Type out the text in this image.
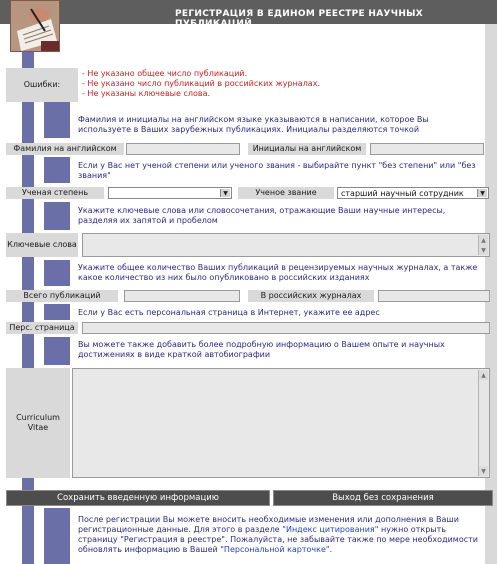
РЕГИСТРАЦИЯ В ЕДИНОМ РЕЕСТРЕ НАУЧНЫХ ПУБЛИКАЦИЙ
Ошибки:
- Не указано общее число публикаций.
- Не указано число публикаций в российских журналах.
- Не указаны ключевые слова.
Фамилия и инициалы на английском языке указываются в написании, которое Вы используете в Ваших зарубежных публикациях. Инициалы разделяются точкой
Фамилия на английском	Инициалы на английском
Если у Вас нет ученой степени или ученого звания - выбирайте пункт "без степени" или "без звания"
Ученая степень	▼	Ученое звание	старший научный сотрудник	▼
Укажите ключевые слова или словосочетания, отражающие Ваши научные интересы, разделяя их запятой и пробелом
Ключевые слова	▲
▼
Укажите общее количество Ваших публикаций в рецензируемых научных журналах, а также какое количество из них было опубликовано в российских изданиях
Всего публикаций	В российских журналах
Если у Вас есть персональная страница в Интернет, укажите ее адрес
Перс. страница
Вы можете также добавить более подробную информацию о Вашем опыте и научных достижениях в виде краткой автобиографии
Curriculum Vitae
▲
▼
Сохранить введенную информацию	Выход без сохранения
После регистрации Вы можете вносить необходимые изменения или дополнения в Ваши регистрационные данные. Для этого в разделе "Индекс цитирования" нужно открыть страницу "Регистрация в реестре". Пожалуйста, не забывайте также по мере необходимости обновлять информацию в Вашей "Персональной карточке".
